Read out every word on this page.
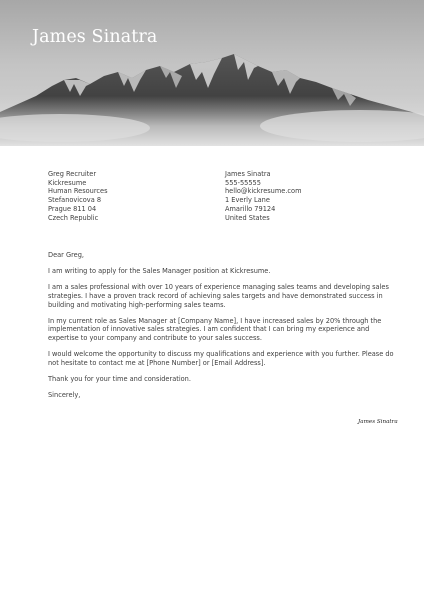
James Sinatra
Greg Recruiter
Kickresume
Human Resources
Stefanovicova 8
Prague 811 04
Czech Republic
James Sinatra
555-55555
hello@kickresume.com
1 Everly Lane
Amarillo 79124
United States

Dear Greg,

I am writing to apply for the Sales Manager position at Kickresume.

I am a sales professional with over 10 years of experience managing sales teams and developing sales strategies. I have a proven track record of achieving sales targets and have demonstrated success in building and motivating high-performing sales teams.

In my current role as Sales Manager at [Company Name], I have increased sales by 20% through the implementation of innovative sales strategies. I am confident that I can bring my experience and expertise to your company and contribute to your sales success.

I would welcome the opportunity to discuss my qualifications and experience with you further. Please do not hesitate to contact me at [Phone Number] or [Email Address].

Thank you for your time and consideration.

Sincerely,

James Sinatra
